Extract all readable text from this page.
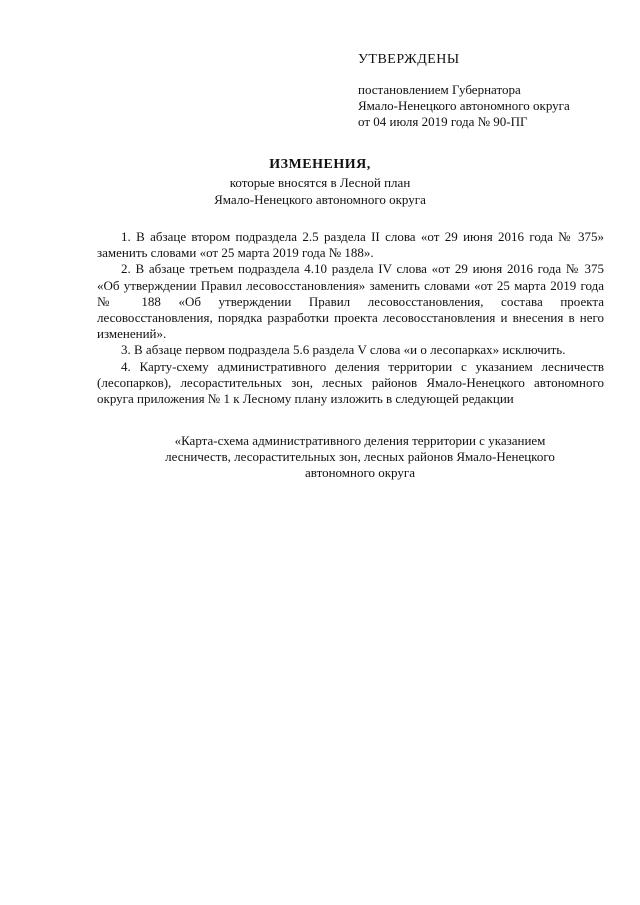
УТВЕРЖДЕНЫ
постановлением Губернатора
Ямало-Ненецкого автономного округа
от 04 июля 2019 года № 90-ПГ
ИЗМЕНЕНИЯ,
которые вносятся в Лесной план
Ямало-Ненецкого автономного округа

1. В абзаце втором подраздела 2.5 раздела II слова «от 29 июня 2016 года № 375» заменить словами «от 25 марта 2019 года № 188».

2. В абзаце третьем подраздела 4.10 раздела IV слова «от 29 июня 2016 года № 375 «Об утверждении Правил лесовосстановления» заменить словами «от 25 марта 2019 года № 188 «Об утверждении Правил лесовосстановления, состава проекта лесовосстановления, порядка разработки проекта лесовосстановления и внесения в него изменений».

3. В абзаце первом подраздела 5.6 раздела V слова «и о лесопарках» исключить.

4. Карту-схему административного деления территории с указанием лесничеств (лесопарков), лесорастительных зон, лесных районов Ямало-Ненецкого автономного округа приложения № 1 к Лесному плану изложить в следующей редакции

«Карта-схема административного деления территории с указанием
лесничеств, лесорастительных зон, лесных районов Ямало-Ненецкого
автономного округа
